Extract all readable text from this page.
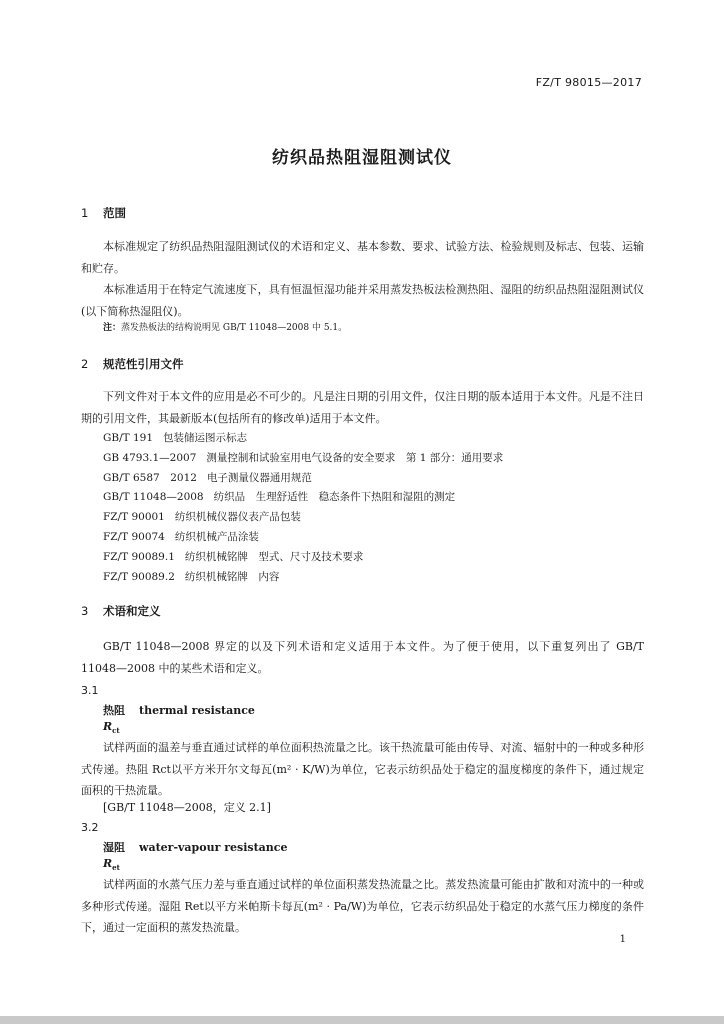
FZ/T 98015—2017
纺织品热阻湿阻测试仪
1 范围
本标准规定了纺织品热阻湿阻测试仪的术语和定义、基本参数、要求、试验方法、检验规则及标志、包装、运输和贮存。
本标准适用于在特定气流速度下，具有恒温恒湿功能并采用蒸发热板法检测热阻、湿阻的纺织品热阻湿阻测试仪(以下简称热湿阻仪)。
注：蒸发热板法的结构说明见 GB/T 11048—2008 中 5.1。
2 规范性引用文件
下列文件对于本文件的应用是必不可少的。凡是注日期的引用文件，仅注日期的版本适用于本文件。凡是不注日期的引用文件，其最新版本(包括所有的修改单)适用于本文件。
GB/T 191 包装储运图示标志
GB 4793.1—2007 测量控制和试验室用电气设备的安全要求　第 1 部分：通用要求
GB/T 6587　2012 电子测量仪器通用规范
GB/T 11048—2008 纺织品　生理舒适性　稳态条件下热阻和湿阻的测定
FZ/T 90001 纺织机械仪器仪表产品包装
FZ/T 90074 纺织机械产品涂装
FZ/T 90089.1 纺织机械铭牌　型式、尺寸及技术要求
FZ/T 90089.2 纺织机械铭牌　内容
3 术语和定义
GB/T 11048—2008 界定的以及下列术语和定义适用于本文件。为了便于使用，以下重复列出了 GB/T 11048—2008 中的某些术语和定义。
3.1
热阻 thermal resistance
$R_{ct}$
试样两面的温差与垂直通过试样的单位面积热流量之比。该干热流量可能由传导、对流、辐射中的一种或多种形式传递。热阻 Rct以平方米开尔文每瓦(m² · K/W)为单位，它表示纺织品处于稳定的温度梯度的条件下，通过规定面积的干热流量。
[GB/T 11048—2008，定义 2.1]
3.2
湿阻 water-vapour resistance
$R_{et}$
试样两面的水蒸气压力差与垂直通过试样的单位面积蒸发热流量之比。蒸发热流量可能由扩散和对流中的一种或多种形式传递。湿阻 Ret以平方米帕斯卡每瓦(m² · Pa/W)为单位，它表示纺织品处于稳定的水蒸气压力梯度的条件下，通过一定面积的蒸发热流量。
1
